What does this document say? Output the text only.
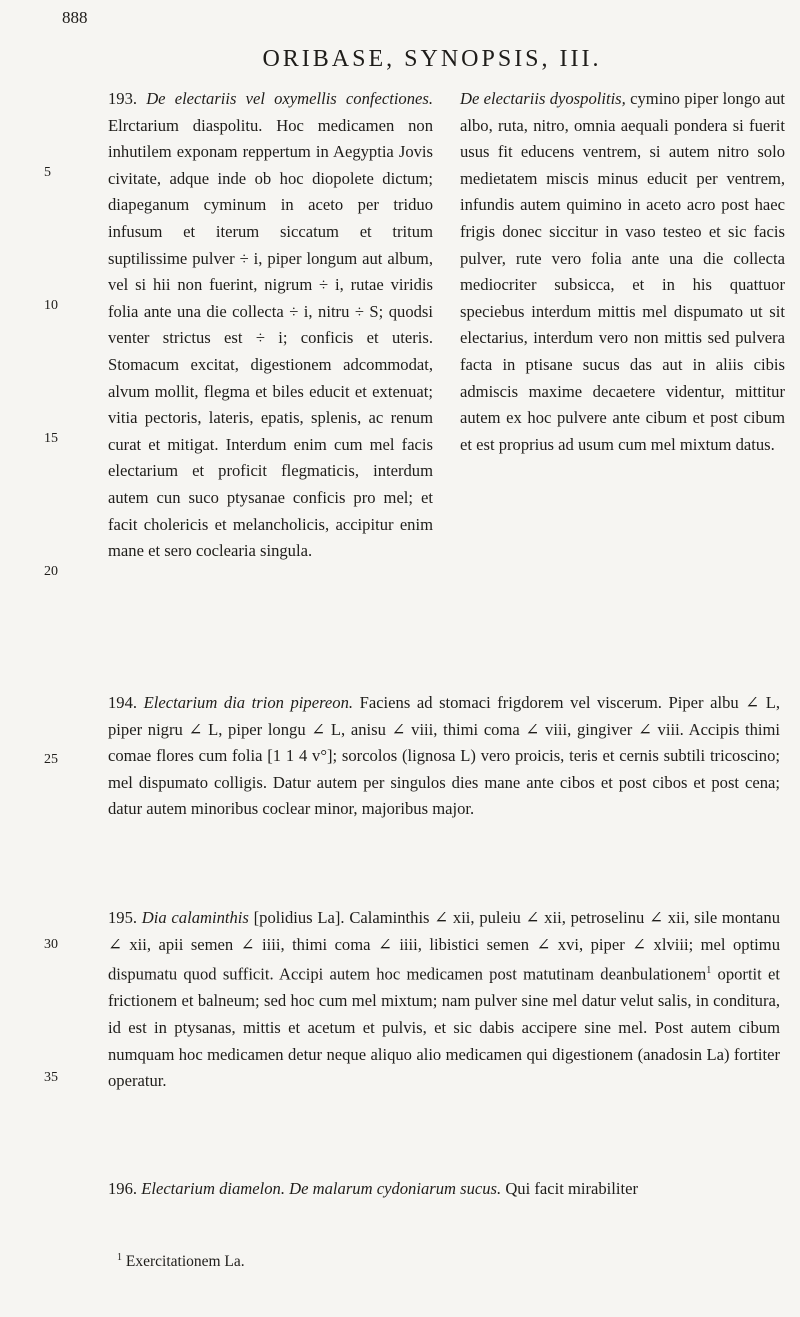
888
ORIBASE, SYNOPSIS, III.
5
10
15
20
25
30
35

193. De electariis vel oxymellis confectiones. Elrctarium diaspolitu. Hoc medicamen non inhutilem exponam reppertum in Aegyptia Jovis civitate, adque inde ob hoc diopolete dictum; diapeganum cyminum in aceto per triduo infusum et iterum siccatum et tritum suptilissime pulver ÷ i, piper longum aut album, vel si hii non fuerint, nigrum ÷ i, rutae viridis folia ante una die collecta ÷ i, nitru ÷ S; quodsi venter strictus est ÷ i; conficis et uteris. Stomacum excitat, digestionem adcommodat, alvum mollit, flegma et biles educit et extenuat; vitia pectoris, lateris, epatis, splenis, ac renum curat et mitigat. Interdum enim cum mel facis electarium et proficit flegmaticis, interdum autem cun suco ptysanae conficis pro mel; et facit cholericis et melancholicis, accipitur enim mane et sero coclearia singula.

De electariis dyospolitis, cymino piper longo aut albo, ruta, nitro, omnia aequali pondera si fuerit usus fit educens ventrem, si autem nitro solo medietatem miscis minus educit per ventrem, infundis autem quimino in aceto acro post haec frigis donec siccitur in vaso testeo et sic facis pulver, rute vero folia ante una die collecta mediocriter subsicca, et in his quattuor speciebus interdum mittis mel dispumato ut sit electarius, interdum vero non mittis sed pulvera facta in ptisane sucus das aut in aliis cibis admiscis maxime decaetere videntur, mittitur autem ex hoc pulvere ante cibum et post cibum et est proprius ad usum cum mel mixtum datus.

194. Electarium dia trion pipereon. Faciens ad stomaci frigdorem vel viscerum. Piper albu ∠ L, piper nigru ∠ L, piper longu ∠ L, anisu ∠ viii, thimi coma ∠ viii, gingiver ∠ viii. Accipis thimi comae flores cum folia [1 1 4 v°]; sorcolos (lignosa L) vero proicis, teris et cernis subtili tricoscino; mel dispumato colligis. Datur autem per singulos dies mane ante cibos et post cibos et post cena; datur autem minoribus coclear minor, majoribus major.

195. Dia calaminthis [polidius La]. Calaminthis ∠ xii, puleiu ∠ xii, petroselinu ∠ xii, sile montanu ∠ xii, apii semen ∠ iiii, thimi coma ∠ iiii, libistici semen ∠ xvi, piper ∠ xlviii; mel optimu dispumatu quod sufficit. Accipi autem hoc medicamen post matutinam deanbulationem$^1$ oportit et frictionem et balneum; sed hoc cum mel mixtum; nam pulver sine mel datur velut salis, in conditura, id est in ptysanas, mittis et acetum et pulvis, et sic dabis accipere sine mel. Post autem cibum numquam hoc medicamen detur neque aliquo alio medicamen qui digestionem (anadosin La) fortiter operatur.

196. Electarium diamelon. De malarum cydoniarum sucus. Qui facit mirabiliter

$^1$ Exercitationem La.
